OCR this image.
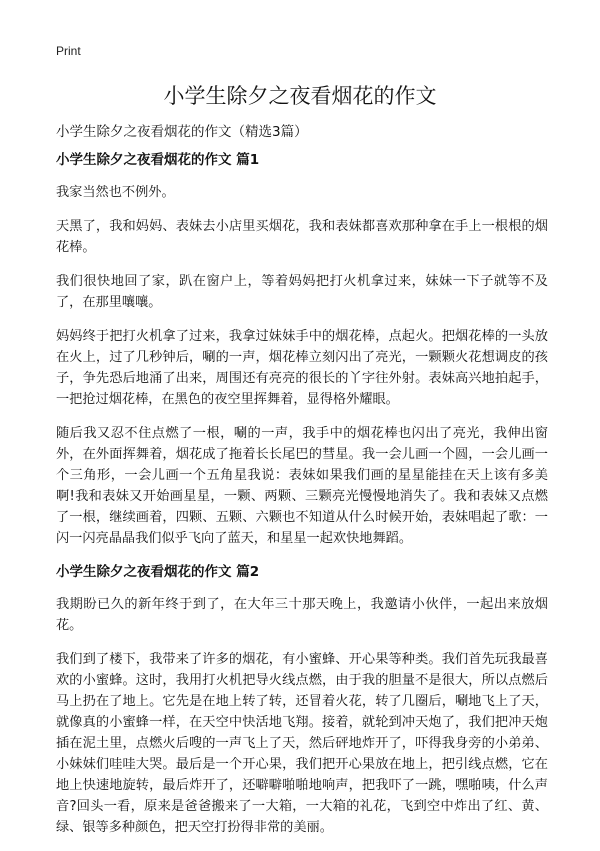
Print
小学生除夕之夜看烟花的作文
小学生除夕之夜看烟花的作文（精选3篇）
小学生除夕之夜看烟花的作文 篇1

我家当然也不例外。

天黑了，我和妈妈、表妹去小店里买烟花，我和表妹都喜欢那种拿在手上一根根的烟花棒。

我们很快地回了家，趴在窗户上，等着妈妈把打火机拿过来，妹妹一下子就等不及了，在那里嚷嚷。

妈妈终于把打火机拿了过来，我拿过妹妹手中的烟花棒，点起火。把烟花棒的一头放在火上，过了几秒钟后，唰的一声，烟花棒立刻闪出了亮光，一颗颗火花想调皮的孩子，争先恐后地涌了出来，周围还有亮亮的很长的丫字往外射。表妹高兴地拍起手，一把抢过烟花棒，在黑色的夜空里挥舞着，显得格外耀眼。

随后我又忍不住点燃了一根，唰的一声，我手中的烟花棒也闪出了亮光，我伸出窗外，在外面挥舞着，烟花成了拖着长长尾巴的彗星。我一会儿画一个圆，一会儿画一个三角形，一会儿画一个五角星我说：表妹如果我们画的星星能挂在天上该有多美啊!我和表妹又开始画星星，一颗、两颗、三颗亮光慢慢地消失了。我和表妹又点燃了一根，继续画着，四颗、五颗、六颗也不知道从什么时候开始，表妹唱起了歌：一闪一闪亮晶晶我们似乎飞向了蓝天，和星星一起欢快地舞蹈。

小学生除夕之夜看烟花的作文 篇2

我期盼已久的新年终于到了，在大年三十那天晚上，我邀请小伙伴，一起出来放烟花。

我们到了楼下，我带来了许多的烟花，有小蜜蜂、开心果等种类。我们首先玩我最喜欢的小蜜蜂。这时，我用打火机把导火线点燃，由于我的胆量不是很大，所以点燃后马上扔在了地上。它先是在地上转了转，还冒着火花，转了几圈后，唰地飞上了天，就像真的小蜜蜂一样，在天空中快活地飞翔。接着，就轮到冲天炮了，我们把冲天炮插在泥土里，点燃火后嗖的一声飞上了天，然后砰地炸开了，吓得我身旁的小弟弟、小妹妹们哇哇大哭。最后是一个开心果，我们把开心果放在地上，把引线点燃，它在地上快速地旋转，最后炸开了，还噼噼啪啪地响声，把我吓了一跳，嘿啪咦，什么声音?回头一看，原来是爸爸搬来了一大箱，一大箱的礼花，飞到空中炸出了红、黄、绿、银等多种颜色，把天空打扮得非常的美丽。
